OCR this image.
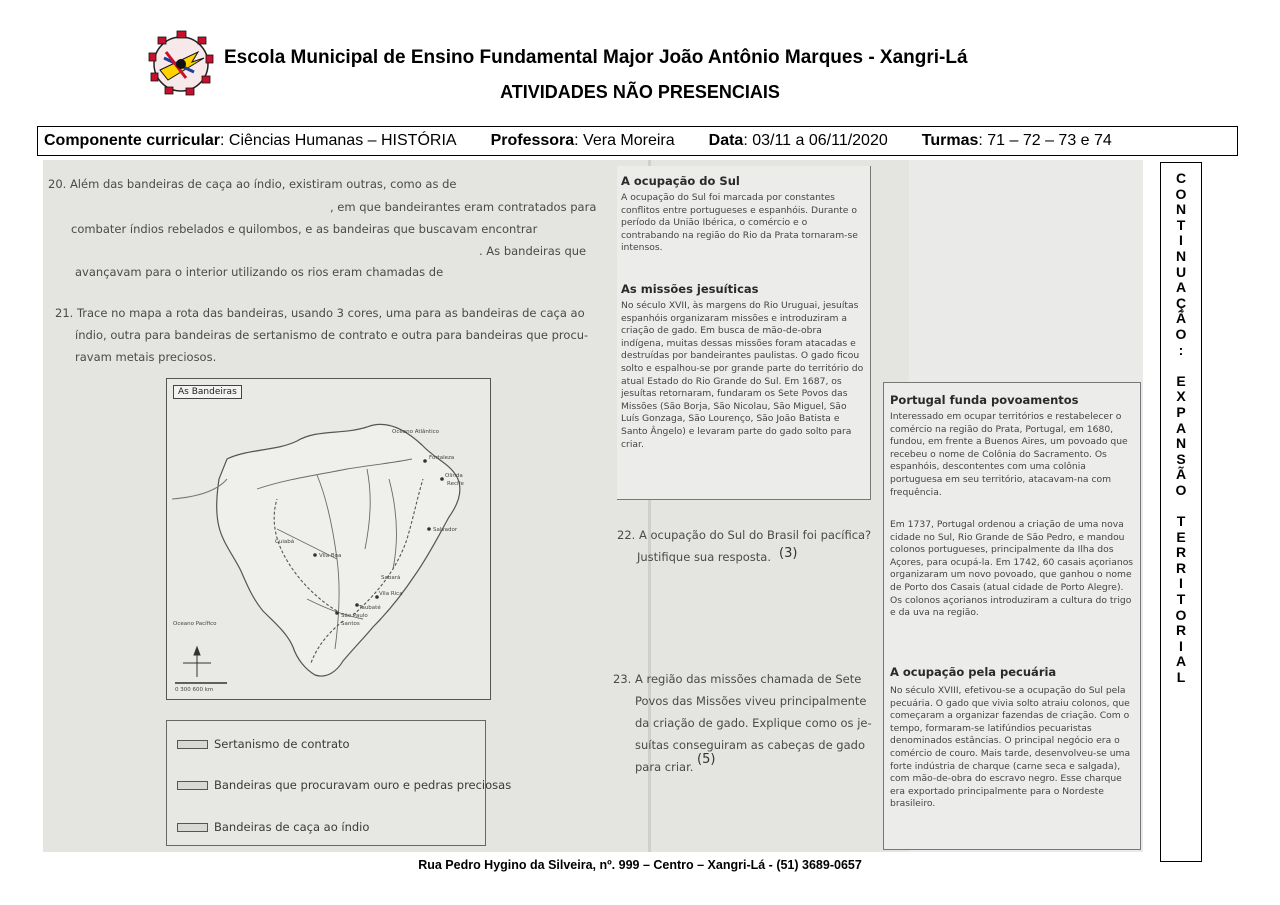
Escola Municipal de Ensino Fundamental Major João Antônio Marques - Xangri-Lá
ATIVIDADES NÃO PRESENCIAIS
Componente curricular: Ciências Humanas – HISTÓRIA Professora: Vera Moreira Data: 03/11 a 06/11/2020 Turmas: 71 – 72 – 73 e 74
20. Além das bandeiras de caça ao índio, existiram outras, como as de
, em que bandeirantes eram contratados para
combater índios rebelados e quilombos, e as bandeiras que buscavam encontrar
. As bandeiras que
avançavam para o interior utilizando os rios eram chamadas de
21. Trace no mapa a rota das bandeiras, usando 3 cores, uma para as bandeiras de caça ao
índio, outra para bandeiras de sertanismo de contrato e outra para bandeiras que procu-
ravam metais preciosos.
Oceano Atlântico
Oceano Pacífico
Fortaleza
Olinda
Recife
Salvador
Vila Boa
Cuiabá
São Paulo
Santos
Taubaté
Vila Rica
Sabará
0 300 600 km
As Bandeiras
Sertanismo de contrato
Bandeiras que procuravam ouro e pedras preciosas
Bandeiras de caça ao índio
A ocupação do Sul
A ocupação do Sul foi marcada por constantes conflitos entre portugueses e espanhóis. Durante o período da União Ibérica, o comércio e o contrabando na região do Rio da Prata tornaram-se intensos.
As missões jesuíticas
No século XVII, às margens do Rio Uruguai, jesuítas espanhóis organizaram missões e introduziram a criação de gado. Em busca de mão-de-obra indígena, muitas dessas missões foram atacadas e destruídas por bandeirantes paulistas. O gado ficou solto e espalhou-se por grande parte do território do atual Estado do Rio Grande do Sul. Em 1687, os jesuítas retornaram, fundaram os Sete Povos das Missões (São Borja, São Nicolau, São Miguel, São Luís Gonzaga, São Lourenço, São João Batista e Santo Ângelo) e levaram parte do gado solto para criar.
22. A ocupação do Sul do Brasil foi pacífica?
Justifique sua resposta. (3)
23. A região das missões chamada de Sete
Povos das Missões viveu principalmente
da criação de gado. Explique como os je-
suítas conseguiram as cabeças de gado
para criar. (5)
Portugal funda povoamentos
Interessado em ocupar territórios e restabelecer o comércio na região do Prata, Portugal, em 1680, fundou, em frente a Buenos Aires, um povoado que recebeu o nome de Colônia do Sacramento. Os espanhóis, descontentes com uma colônia portuguesa em seu território, atacavam-na com frequência.
Em 1737, Portugal ordenou a criação de uma nova cidade no Sul, Rio Grande de São Pedro, e mandou colonos portugueses, principalmente da Ilha dos Açores, para ocupá-la. Em 1742, 60 casais açorianos organizaram um novo povoado, que ganhou o nome de Porto dos Casais (atual cidade de Porto Alegre). Os colonos açorianos introduziram a cultura do trigo e da uva na região.
A ocupação pela pecuária
No século XVIII, efetivou-se a ocupação do Sul pela pecuária. O gado que vivia solto atraiu colonos, que começaram a organizar fazendas de criação. Com o tempo, formaram-se latifúndios pecuaristas denominados estâncias. O principal negócio era o comércio de couro. Mais tarde, desenvolveu-se uma forte indústria de charque (carne seca e salgada), com mão-de-obra do escravo negro. Esse charque era exportado principalmente para o Nordeste brasileiro.
C
O
N
T
I
N
U
A
Ç
Ã
O
:

E
X
P
A
N
S
Ã
O

T
E
R
R
I
T
O
R
I
A
L
Rua Pedro Hygino da Silveira, nº. 999 – Centro – Xangri-Lá - (51) 3689-0657
